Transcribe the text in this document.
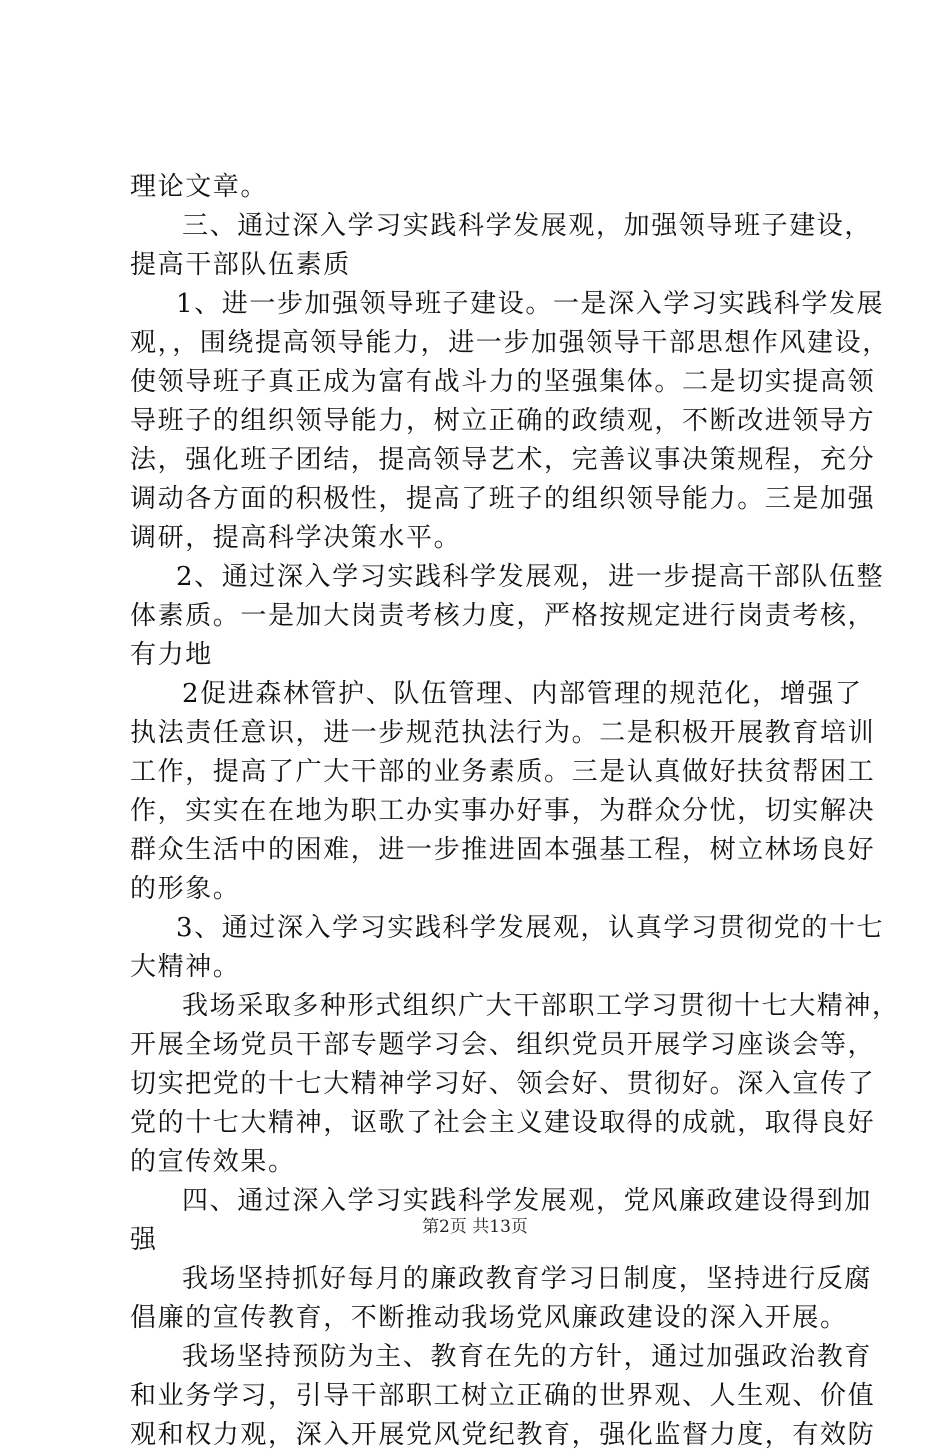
理论文章。
三、通过深入学习实践科学发展观，加强领导班子建设，
提高干部队伍素质
1、进一步加强领导班子建设。一是深入学习实践科学发展
观，，围绕提高领导能力，进一步加强领导干部思想作风建设，
使领导班子真正成为富有战斗力的坚强集体。二是切实提高领
导班子的组织领导能力，树立正确的政绩观，不断改进领导方
法，强化班子团结，提高领导艺术，完善议事决策规程，充分
调动各方面的积极性，提高了班子的组织领导能力。三是加强
调研，提高科学决策水平。
2、通过深入学习实践科学发展观，进一步提高干部队伍整
体素质。一是加大岗责考核力度，严格按规定进行岗责考核，
有力地
2促进森林管护、队伍管理、内部管理的规范化，增强了
执法责任意识，进一步规范执法行为。二是积极开展教育培训
工作，提高了广大干部的业务素质。三是认真做好扶贫帮困工
作，实实在在地为职工办实事办好事，为群众分忧，切实解决
群众生活中的困难，进一步推进固本强基工程，树立林场良好
的形象。
3、通过深入学习实践科学发展观，认真学习贯彻党的十七
大精神。
我场采取多种形式组织广大干部职工学习贯彻十七大精神，
开展全场党员干部专题学习会、组织党员开展学习座谈会等，
切实把党的十七大精神学习好、领会好、贯彻好。深入宣传了
党的十七大精神，讴歌了社会主义建设取得的成就，取得良好
的宣传效果。
四、通过深入学习实践科学发展观，党风廉政建设得到加
强
我场坚持抓好每月的廉政教育学习日制度，坚持进行反腐
倡廉的宣传教育，不断推动我场党风廉政建设的深入开展。
我场坚持预防为主、教育在先的方针，通过加强政治教育
和业务学习，引导干部职工树立正确的世界观、人生观、价值
观和权力观，深入开展党风党纪教育，强化监督力度，有效防
第2页 共13页
